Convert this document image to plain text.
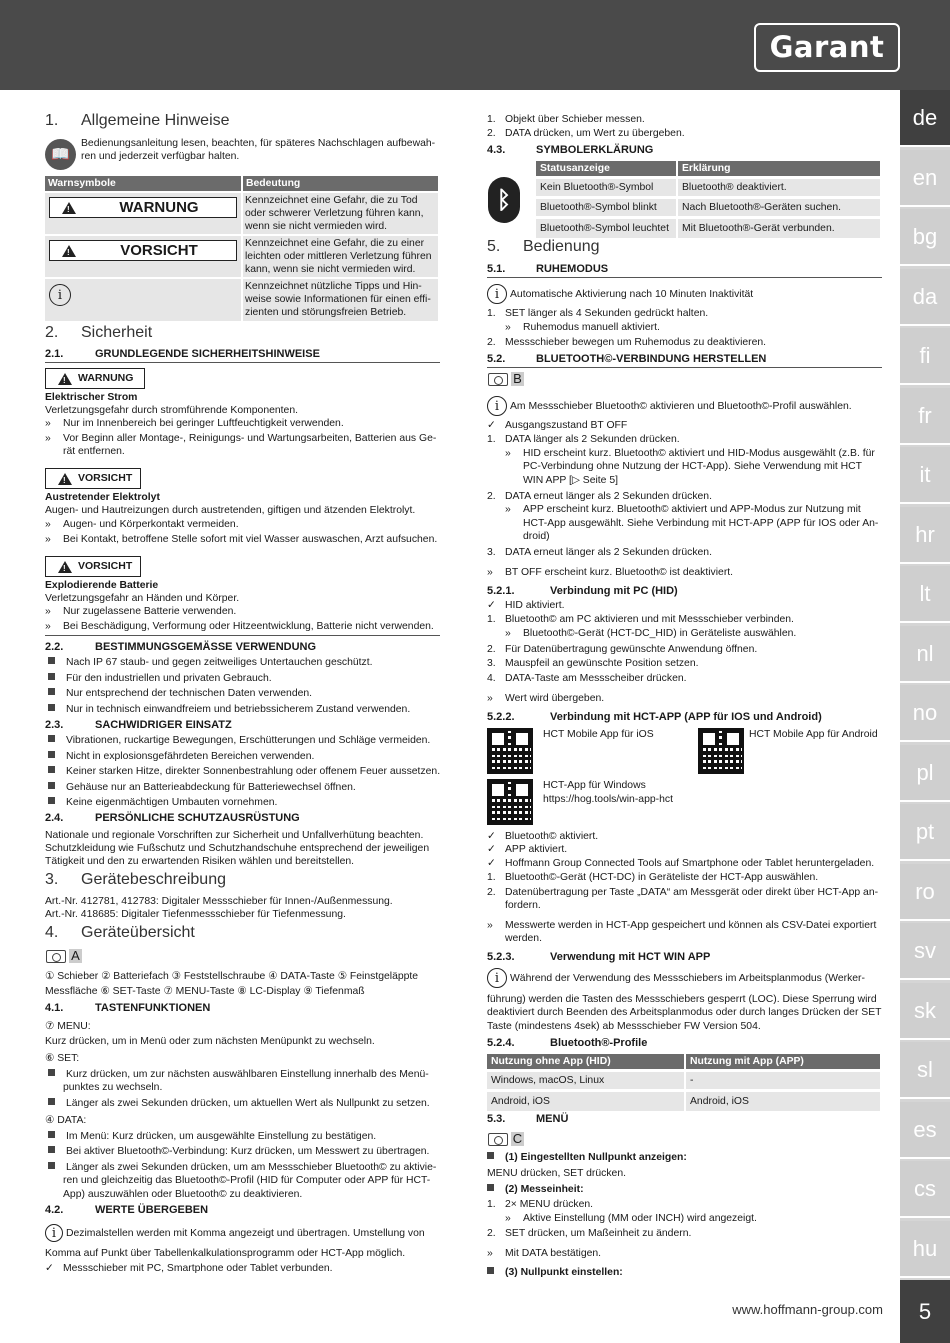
Garant
de
en
bg
da
fi
fr
it
hr
lt
nl
no
pl
pt
ro
sv
sk
sl
es
cs
hu
5
www.hoffmann-group.com
1. Allgemeine Hinweise
📖
Bedienungsanleitung lesen, beachten, für späteres Nachschlagen aufbewah-
ren und jederzeit verfügbar halten.
Warnsymbole	Bedeutung

!
WARNUNG	Kennzeichnet eine Gefahr, die zu Tod
oder schwerer Verletzung führen kann,
wenn sie nicht vermieden wird.

!
VORSICHT	Kennzeichnet eine Gefahr, die zu einer
leichten oder mittleren Verletzung führen
kann, wenn sie nicht vermieden wird.

i	Kennzeichnet nützliche Tipps und Hin-
weise sowie Informationen für einen effi-
zienten und störungsfreien Betrieb.
2. Sicherheit
2.1.	GRUNDLEGENDE SICHERHEITSHINWEISE
!
WARNUNG
Elektrischer Strom
Verletzungsgefahr durch stromführende Komponenten.
» Nur im Innenbereich bei geringer Luftfeuchtigkeit verwenden.
» Vor Beginn aller Montage-, Reinigungs- und Wartungsarbeiten, Batterien aus Ge-
rät entfernen.
!
VORSICHT
Austretender Elektrolyt
Augen- und Hautreizungen durch austretenden, giftigen und ätzenden Elektrolyt.
» Augen- und Körperkontakt vermeiden.
» Bei Kontakt, betroffene Stelle sofort mit viel Wasser auswaschen, Arzt aufsuchen.
!
VORSICHT
Explodierende Batterie
Verletzungsgefahr an Händen und Körper.
» Nur zugelassene Batterie verwenden.
» Bei Beschädigung, Verformung oder Hitzeentwicklung, Batterie nicht verwenden.
2.2.	BESTIMMUNGSGEMÄSSE VERWENDUNG
Nach IP 67 staub- und gegen zeitweiliges Untertauchen geschützt.
Für den industriellen und privaten Gebrauch.
Nur entsprechend der technischen Daten verwenden.
Nur in technisch einwandfreiem und betriebssicherem Zustand verwenden.
2.3.	SACHWIDRIGER EINSATZ
Vibrationen, ruckartige Bewegungen, Erschütterungen und Schläge vermeiden.
Nicht in explosionsgefährdeten Bereichen verwenden.
Keiner starken Hitze, direkter Sonnenbestrahlung oder offenem Feuer aussetzen.
Gehäuse nur an Batterieabdeckung für Batteriewechsel öffnen.
Keine eigenmächtigen Umbauten vornehmen.
2.4.	PERSÖNLICHE SCHUTZAUSRÜSTUNG
Nationale und regionale Vorschriften zur Sicherheit und Unfallverhütung beachten.
Schutzkleidung wie Fußschutz und Schutzhandschuhe entsprechend der jeweiligen
Tätigkeit und den zu erwartenden Risiken wählen und bereitstellen.
3. Gerätebeschreibung
Art.-Nr. 412781, 412783: Digitaler Messschieber für Innen-/Außenmessung.
Art.-Nr. 418685: Digitaler Tiefenmessschieber für Tiefenmessung.
4. Geräteübersicht
A
① Schieber ② Batteriefach ③ Feststellschraube ④ DATA-Taste ⑤ Feinstgeläppte
Messfläche ⑥ SET-Taste ⑦ MENU-Taste ⑧ LC-Display ⑨ Tiefenmaß
4.1.	TASTENFUNKTIONEN
⑦ MENU:
Kurz drücken, um in Menü oder zum nächsten Menüpunkt zu wechseln.
⑥ SET:
Kurz drücken, um zur nächsten auswählbaren Einstellung innerhalb des Menü-
punktes zu wechseln.
Länger als zwei Sekunden drücken, um aktuellen Wert als Nullpunkt zu setzen.
④ DATA:
Im Menü: Kurz drücken, um ausgewählte Einstellung zu bestätigen.
Bei aktiver Bluetooth©-Verbindung: Kurz drücken, um Messwert zu übertragen.
Länger als zwei Sekunden drücken, um am Messschieber Bluetooth© zu aktivie-
ren und gleichzeitig das Bluetooth©-Profil (HID für Computer oder APP für HCT-
App) auszuwählen oder Bluetooth© zu deaktivieren.
4.2.	WERTE ÜBERGEBEN
i Dezimalstellen werden mit Komma angezeigt und übertragen. Umstellung von
Komma auf Punkt über Tabellenkalkulationsprogramm oder HCT-App möglich.
✓ Messschieber mit PC, Smartphone oder Tablet verbunden.
1. Objekt über Schieber messen.
2. DATA drücken, um Wert zu übergeben.
4.3.	SYMBOLERKLÄRUNG
ᛒ
Statusanzeige	Erklärung
Kein Bluetooth®-Symbol	Bluetooth® deaktiviert.
Bluetooth®-Symbol blinkt	Nach Bluetooth®-Geräten suchen.
Bluetooth®-Symbol leuchtet	Mit Bluetooth®-Gerät verbunden.
5. Bedienung
5.1.	RUHEMODUS
i Automatische Aktivierung nach 10 Minuten Inaktivität
1. SET länger als 4 Sekunden gedrückt halten.
» Ruhemodus manuell aktiviert.
2. Messschieber bewegen um Ruhemodus zu deaktivieren.
5.2.	BLUETOOTH©-VERBINDUNG HERSTELLEN
B
i Am Messschieber Bluetooth© aktivieren und Bluetooth©-Profil auswählen.
✓ Ausgangszustand BT OFF
1. DATA länger als 2 Sekunden drücken.
» HID erscheint kurz. Bluetooth© aktiviert und HID-Modus ausgewählt (z.B. für
PC-Verbindung ohne Nutzung der HCT-App). Siehe Verwendung mit HCT
WIN APP [▷ Seite 5]
2. DATA erneut länger als 2 Sekunden drücken.
» APP erscheint kurz. Bluetooth© aktiviert und APP-Modus zur Nutzung mit
HCT-App ausgewählt. Siehe Verbindung mit HCT-APP (APP für IOS oder An-
droid)
3. DATA erneut länger als 2 Sekunden drücken.
» BT OFF erscheint kurz. Bluetooth© ist deaktiviert.
5.2.1.	Verbindung mit PC (HID)
✓ HID aktiviert.
1. Bluetooth© am PC aktivieren und mit Messschieber verbinden.
» Bluetooth©-Gerät (HCT-DC_HID) in Geräteliste auswählen.
2. Für Datenübertragung gewünschte Anwendung öffnen.
3. Mauspfeil an gewünschte Position setzen.
4. DATA-Taste am Messscheiber drücken.
» Wert wird übergeben.
5.2.2.	Verbindung mit HCT-APP (APP für IOS und Android)
HCT Mobile App für iOS	HCT Mobile App für Android
HCT-App für Windows
https://hog.tools/win-app-hct
✓ Bluetooth© aktiviert.
✓ APP aktiviert.
✓ Hoffmann Group Connected Tools auf Smartphone oder Tablet heruntergeladen.
1. Bluetooth©-Gerät (HCT-DC) in Geräteliste der HCT-App auswählen.
2. Datenübertragung per Taste „DATA“ am Messgerät oder direkt über HCT-App an-
fordern.
» Messwerte werden in HCT-App gespeichert und können als CSV-Datei exportiert
werden.
5.2.3.	Verwendung mit HCT WIN APP
i Während der Verwendung des Messschiebers im Arbeitsplanmodus (Werker-
führung) werden die Tasten des Messschiebers gesperrt (LOC). Diese Sperrung wird
deaktiviert durch Beenden des Arbeitsplanmodus oder durch langes Drücken der SET
Taste (mindestens 4sek) ab Messschieber FW Version 504.
5.2.4.	Bluetooth®-Profile
Nutzung ohne App (HID)	Nutzung mit App (APP)
Windows, macOS, Linux	-
Android, iOS	Android, iOS
5.3.	MENÜ
C
(1) Eingestellten Nullpunkt anzeigen:
MENU drücken, SET drücken.
(2) Messeinheit:
1. 2× MENU drücken.
» Aktive Einstellung (MM oder INCH) wird angezeigt.
2. SET drücken, um Maßeinheit zu ändern.
» Mit DATA bestätigen.
(3) Nullpunkt einstellen:
